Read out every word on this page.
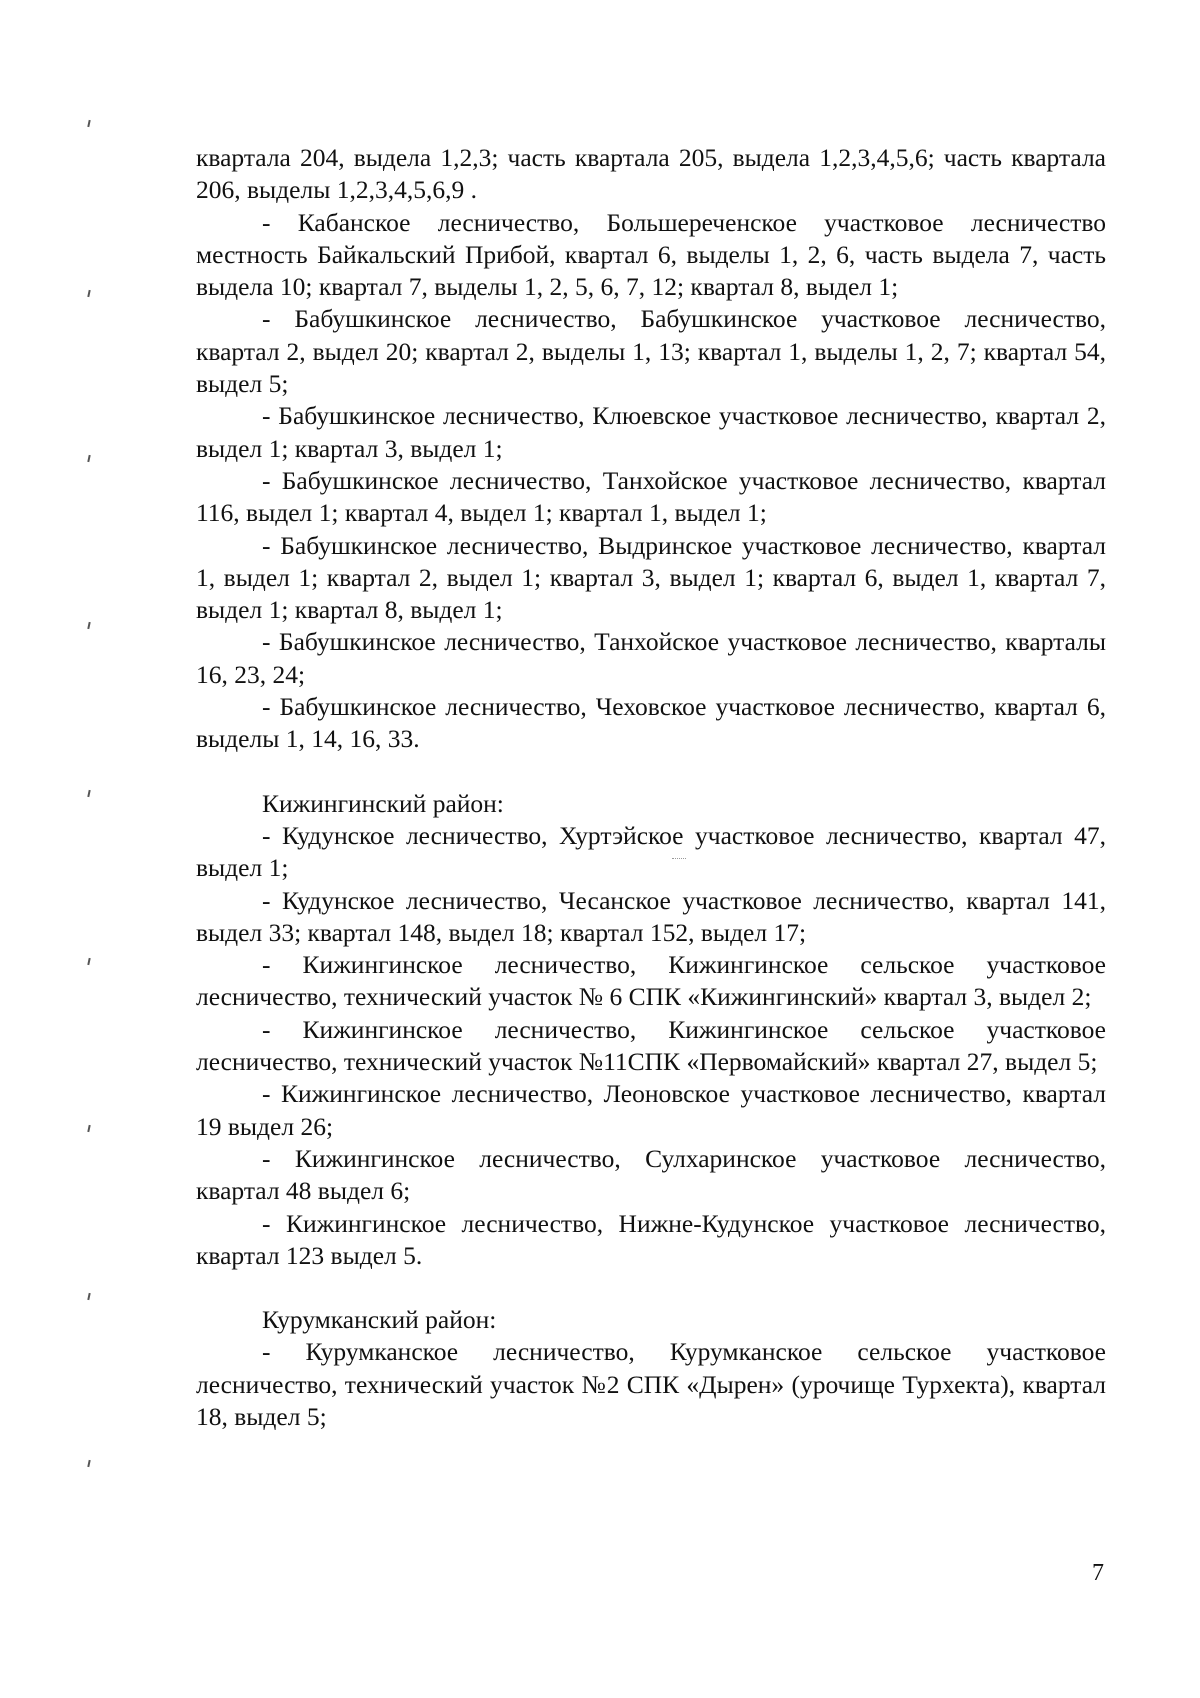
квартала 204, выдела 1,2,3; часть квартала 205, выдела 1,2,3,4,5,6; часть квартала 206, выделы 1,2,3,4,5,6,9 .

- Кабанское лесничество, Большереченское участковое лесничество местность Байкальский Прибой, квартал 6, выделы 1, 2, 6, часть выдела 7, часть выдела 10; квартал 7, выделы 1, 2, 5, 6, 7, 12; квартал 8, выдел 1;

- Бабушкинское лесничество, Бабушкинское участковое лесничество, квартал 2, выдел 20; квартал 2, выделы 1, 13; квартал 1, выделы 1, 2, 7; квартал 54, выдел 5;

- Бабушкинское лесничество, Клюевское участковое лесничество, квартал 2, выдел 1; квартал 3, выдел 1;

- Бабушкинское лесничество, Танхойское участковое лесничество, квартал 116, выдел 1; квартал 4, выдел 1; квартал 1, выдел 1;

- Бабушкинское лесничество, Выдринское участковое лесничество, квартал 1, выдел 1; квартал 2, выдел 1; квартал 3, выдел 1; квартал 6, выдел 1, квартал 7, выдел 1; квартал 8, выдел 1;

- Бабушкинское лесничество, Танхойское участковое лесничество, кварталы 16, 23, 24;

- Бабушкинское лесничество, Чеховское участковое лесничество, квартал 6, выделы 1, 14, 16, 33.

Кижингинский район:

- Кудунское лесничество, Хуртэйское участковое лесничество, квартал 47, выдел 1;

- Кудунское лесничество, Чесанское участковое лесничество, квартал 141, выдел 33; квартал 148, выдел 18; квартал 152, выдел 17;

- Кижингинское лесничество, Кижингинское сельское участковое лесничество, технический участок № 6 СПК «Кижингинский» квартал 3, выдел 2;

- Кижингинское лесничество, Кижингинское сельское участковое лесничество, технический участок №11СПК «Первомайский» квартал 27, выдел 5;

- Кижингинское лесничество, Леоновское участковое лесничество, квартал 19 выдел 26;

- Кижингинское лесничество, Сулхаринское участковое лесничество, квартал 48 выдел 6;

- Кижингинское лесничество, Нижне-Кудунское участковое лесничество, квартал 123 выдел 5.

Курумканский район:

- Курумканское лесничество, Курумканское сельское участковое лесничество, технический участок №2 СПК «Дырен» (урочище Турхекта), квартал 18, выдел 5;

7
